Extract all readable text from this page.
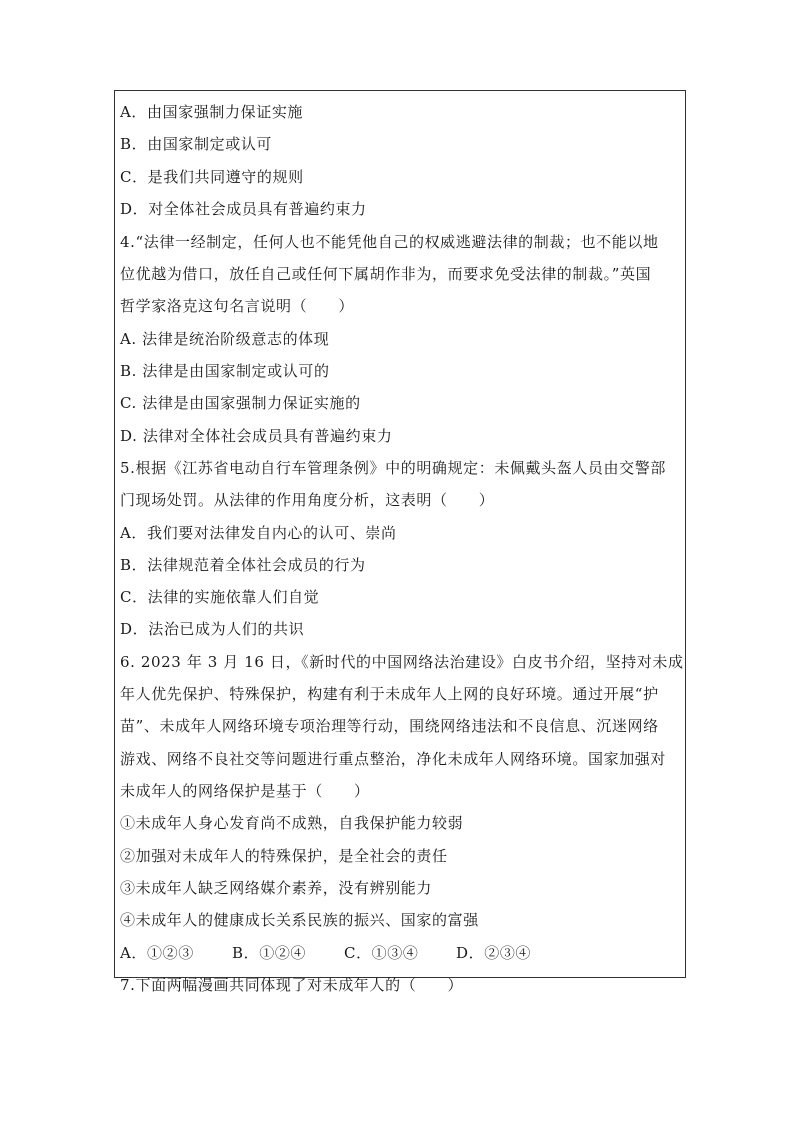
A．由国家强制力保证实施
B．由国家制定或认可
C．是我们共同遵守的规则
D．对全体社会成员具有普遍约束力
4.“法律一经制定，任何人也不能凭他自己的权威逃避法律的制裁；也不能以地
位优越为借口，放任自己或任何下属胡作非为，而要求免受法律的制裁。”英国
哲学家洛克这句名言说明（　　）
A. 法律是统治阶级意志的体现
B. 法律是由国家制定或认可的
C. 法律是由国家强制力保证实施的
D. 法律对全体社会成员具有普遍约束力
5.根据《江苏省电动自行车管理条例》中的明确规定：未佩戴头盔人员由交警部
门现场处罚。从法律的作用角度分析，这表明（　　）
A．我们要对法律发自内心的认可、崇尚
B．法律规范着全体社会成员的行为
C．法律的实施依靠人们自觉
D．法治已成为人们的共识
6. 2023 年 3 月 16 日，《新时代的中国网络法治建设》白皮书介绍，坚持对未成
年人优先保护、特殊保护，构建有利于未成年人上网的良好环境。通过开展“护
苗”、未成年人网络环境专项治理等行动，围绕网络违法和不良信息、沉迷网络
游戏、网络不良社交等问题进行重点整治，净化未成年人网络环境。国家加强对
未成年人的网络保护是基于（　　）
①未成年人身心发育尚不成熟，自我保护能力较弱
②加强对未成年人的特殊保护，是全社会的责任
③未成年人缺乏网络媒介素养，没有辨别能力
④未成年人的健康成长关系民族的振兴、国家的富强
A．①②③	B．①②④	C．①③④	D．②③④
7.下面两幅漫画共同体现了对未成年人的（　　）
